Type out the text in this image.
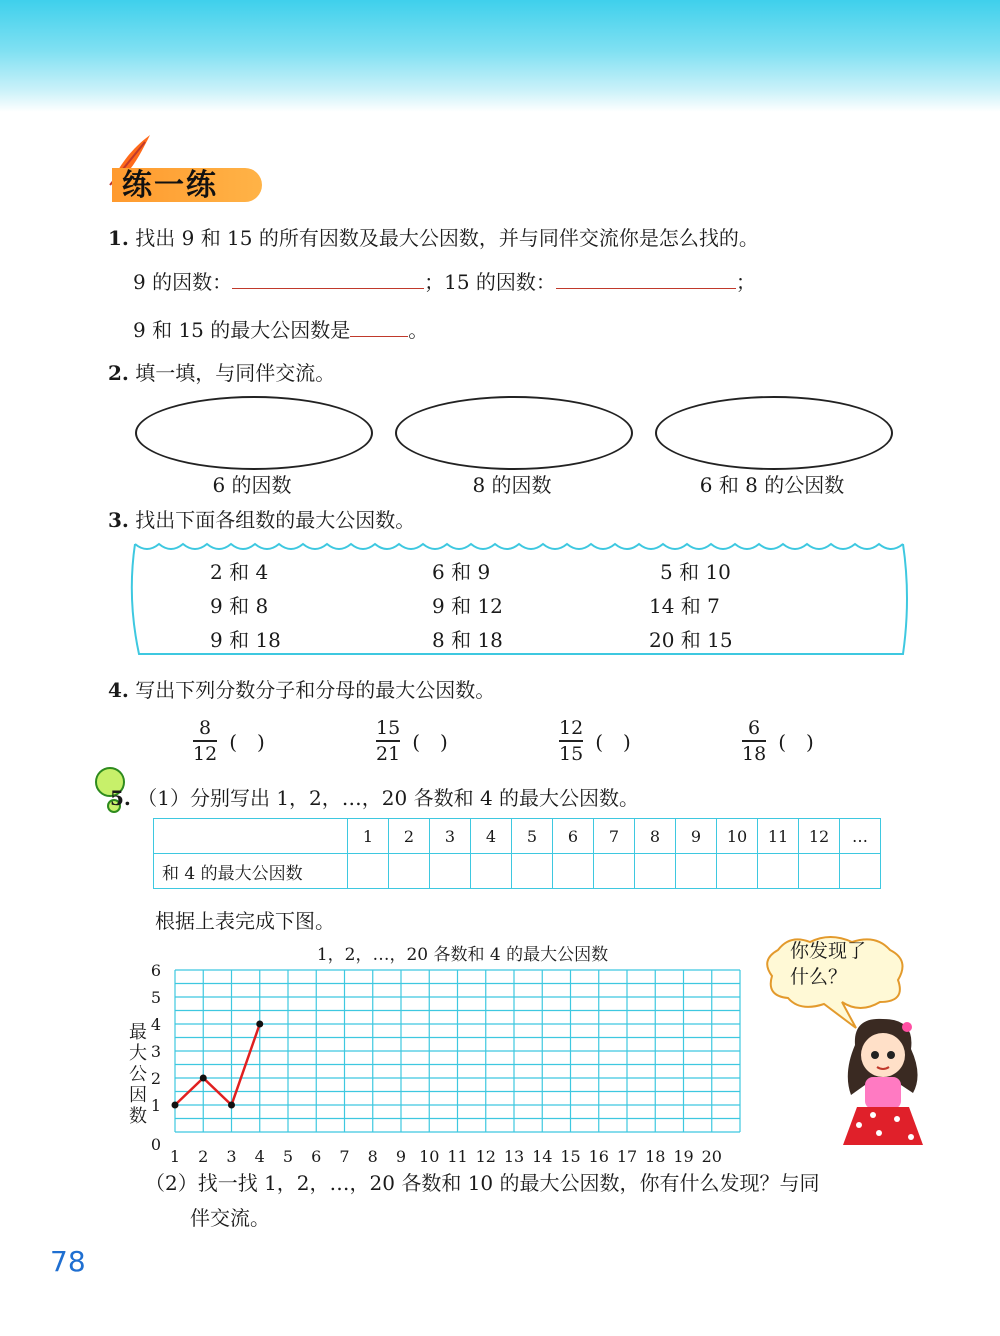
练一练
1. 找出 9 和 15 的所有因数及最大公因数，并与同伴交流你是怎么找的。
9 的因数：	；15 的因数：	；
9 和 15 的最大公因数是	。
2. 填一填，与同伴交流。
6 的因数	8 的因数	6 和 8 的公因数
3. 找出下面各组数的最大公因数。
2 和 4	6 和 9	5 和 10
9 和 8	9 和 12	14 和 7
9 和 18	8 和 18	20 和 15
4. 写出下列分数分子和分母的最大公因数。
$\frac{8}{12}$ (　)	$\frac{15}{21}$ (　)	$\frac{12}{15}$ (　)	$\frac{6}{18}$ (　)
5. （1）分别写出 1，2，…，20 各数和 4 的最大公因数。
	1	2	3	4	5	6	7	8	9	10	11	12	…
和 4 的最大公因数													
根据上表完成下图。
1，2，…，20 各数和 4 的最大公因数
0
1
2
3
4
5
6
1 2 3 4 5 6 7 8 9 10 11 12 13 14 15 16 17 18 19 20
最
大
公
因
数
你发现了
什么？
（2）找一找 1，2，…，20 各数和 10 的最大公因数，你有什么发现？与同
伴交流。
78
